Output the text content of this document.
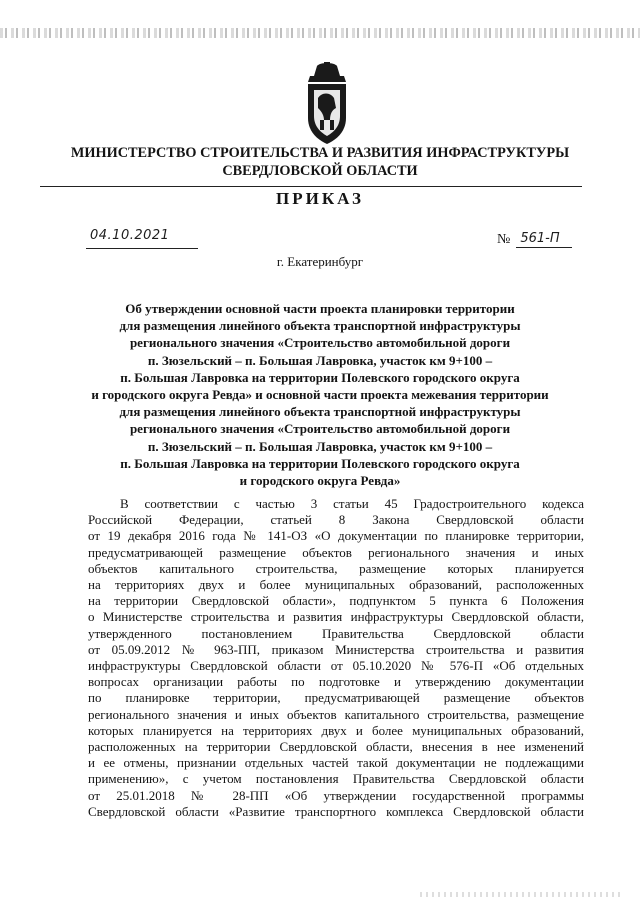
МИНИСТЕРСТВО СТРОИТЕЛЬСТВА И РАЗВИТИЯ ИНФРАСТРУКТУРЫ
СВЕРДЛОВСКОЙ ОБЛАСТИ
ПРИКАЗ
04.10.2021	№ 561-П
г. Екатеринбург
Об утверждении основной части проекта планировки территории
для размещения линейного объекта транспортной инфраструктуры
регионального значения «Строительство автомобильной дороги
п. Зюзельский – п. Большая Лавровка, участок км 9+100 –
п. Большая Лавровка на территории Полевского городского округа
и городского округа Ревда» и основной части проекта межевания территории
для размещения линейного объекта транспортной инфраструктуры
регионального значения «Строительство автомобильной дороги
п. Зюзельский – п. Большая Лавровка, участок км 9+100 –
п. Большая Лавровка на территории Полевского городского округа
и городского округа Ревда»
В соответствии с частью 3 статьи 45 Градостроительного кодекса
Российской Федерации, статьей 8 Закона Свердловской области
от 19 декабря 2016 года № 141-ОЗ «О документации по планировке территории,
предусматривающей размещение объектов регионального значения и иных
объектов капитального строительства, размещение которых планируется
на территориях двух и более муниципальных образований, расположенных
на территории Свердловской области», подпунктом 5 пункта 6 Положения
о Министерстве строительства и развития инфраструктуры Свердловской области,
утвержденного постановлением Правительства Свердловской области
от 05.09.2012 № 963-ПП, приказом Министерства строительства и развития
инфраструктуры Свердловской области от 05.10.2020 № 576-П «Об отдельных
вопросах организации работы по подготовке и утверждению документации
по планировке территории, предусматривающей размещение объектов
регионального значения и иных объектов капитального строительства, размещение
которых планируется на территориях двух и более муниципальных образований,
расположенных на территории Свердловской области, внесения в нее изменений
и ее отмены, признании отдельных частей такой документации не подлежащими
применению», с учетом постановления Правительства Свердловской области
от 25.01.2018 № 28-ПП «Об утверждении государственной программы
Свердловской области «Развитие транспортного комплекса Свердловской области
